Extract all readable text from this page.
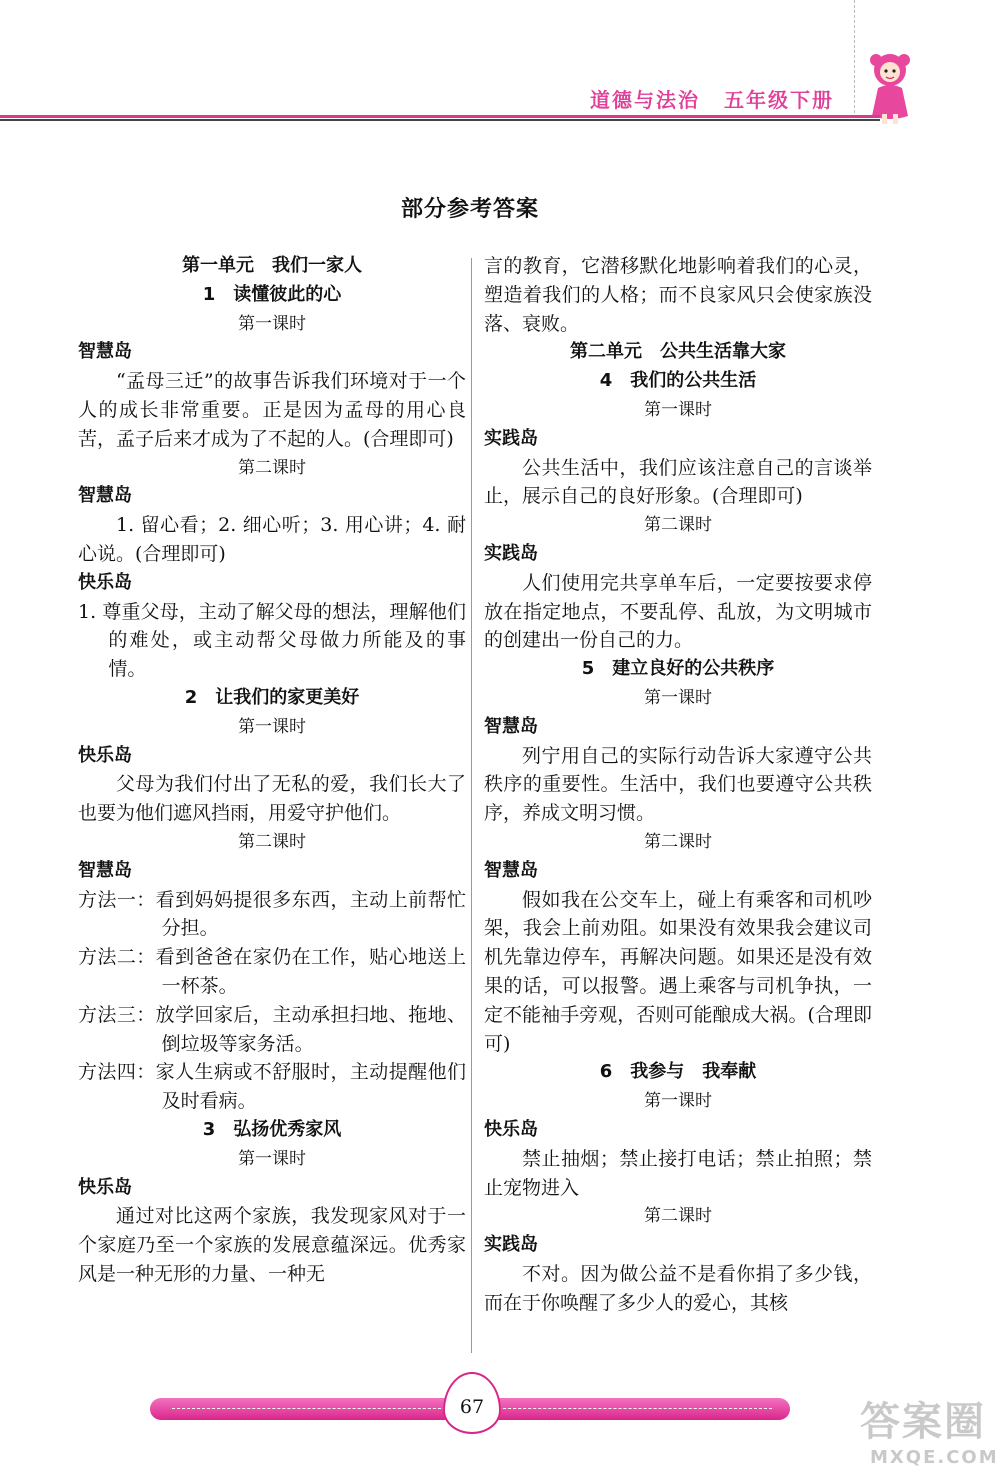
道德与法治 五年级下册
部分参考答案
第一单元　我们一家人
1　读懂彼此的心
第一课时
智慧岛

“孟母三迁”的故事告诉我们环境对于一个人的成长非常重要。正是因为孟母的用心良苦，孟子后来才成为了不起的人。(合理即可)

第二课时
智慧岛

1. 留心看；2. 细心听；3. 用心讲；4. 耐心说。(合理即可)

快乐岛

1. 尊重父母，主动了解父母的想法，理解他们的难处，或主动帮父母做力所能及的事情。

2　让我们的家更美好
第一课时
快乐岛

父母为我们付出了无私的爱，我们长大了也要为他们遮风挡雨，用爱守护他们。

第二课时
智慧岛

方法一：看到妈妈提很多东西，主动上前帮忙分担。

方法二：看到爸爸在家仍在工作，贴心地送上一杯茶。

方法三：放学回家后，主动承担扫地、拖地、倒垃圾等家务活。

方法四：家人生病或不舒服时，主动提醒他们及时看病。

3　弘扬优秀家风
第一课时
快乐岛

通过对比这两个家族，我发现家风对于一个家庭乃至一个家族的发展意蕴深远。优秀家风是一种无形的力量、一种无

言的教育，它潜移默化地影响着我们的心灵，塑造着我们的人格；而不良家风只会使家族没落、衰败。

第二单元　公共生活靠大家
4　我们的公共生活
第一课时
实践岛

公共生活中，我们应该注意自己的言谈举止，展示自己的良好形象。(合理即可)

第二课时
实践岛

人们使用完共享单车后，一定要按要求停放在指定地点，不要乱停、乱放，为文明城市的创建出一份自己的力。

5　建立良好的公共秩序
第一课时
智慧岛

列宁用自己的实际行动告诉大家遵守公共秩序的重要性。生活中，我们也要遵守公共秩序，养成文明习惯。

第二课时
智慧岛

假如我在公交车上，碰上有乘客和司机吵架，我会上前劝阻。如果没有效果我会建议司机先靠边停车，再解决问题。如果还是没有效果的话，可以报警。遇上乘客与司机争执，一定不能袖手旁观，否则可能酿成大祸。(合理即可)

6　我参与　我奉献
第一课时
快乐岛

禁止抽烟；禁止接打电话；禁止拍照；禁止宠物进入

第二课时
实践岛

不对。因为做公益不是看你捐了多少钱，而在于你唤醒了多少人的爱心，其核

67	答案圈
MXQE.COM
